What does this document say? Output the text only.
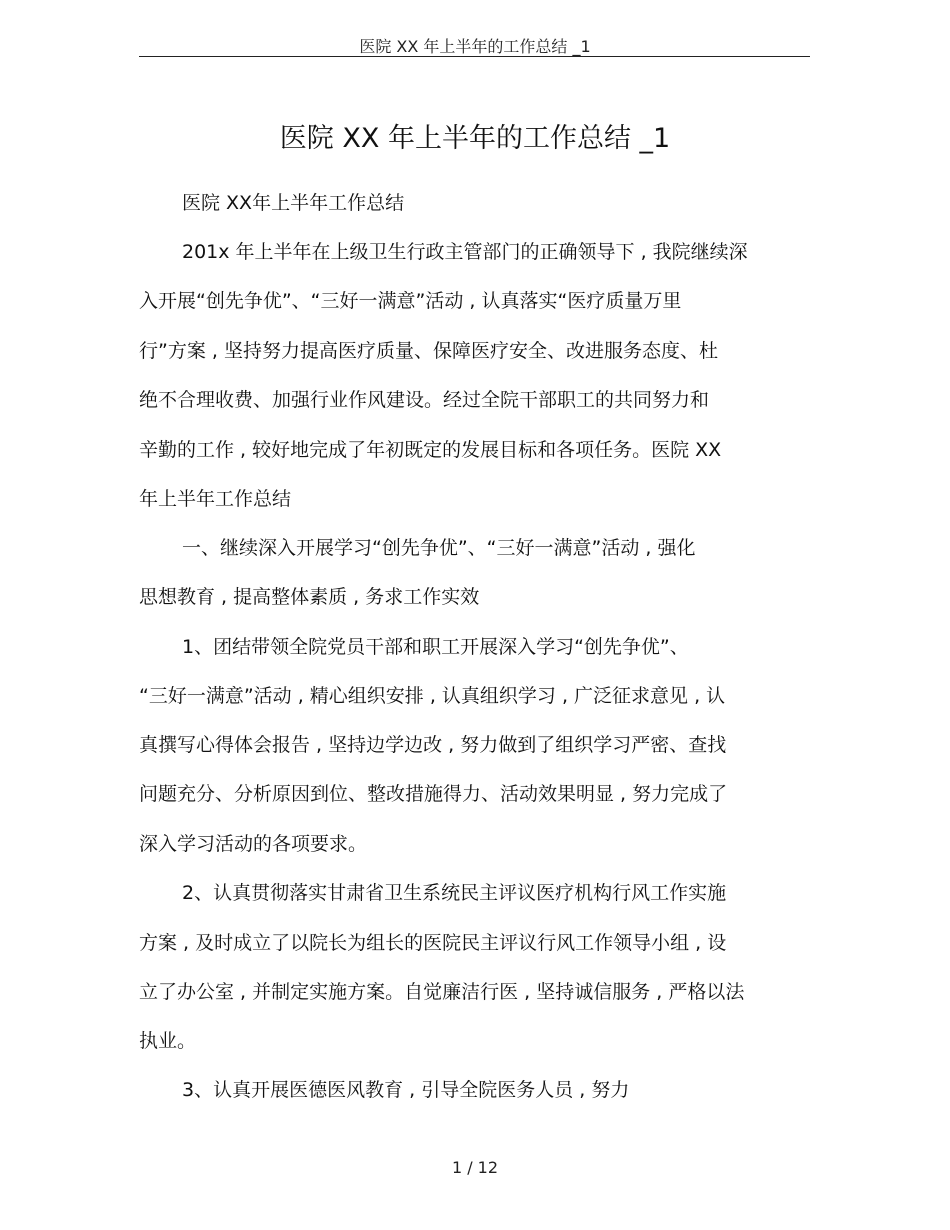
医院 XX 年上半年的工作总结 _1
医院 XX 年上半年的工作总结 _1
医院 XX年上半年工作总结
201x 年上半年在上级卫生行政主管部门的正确领导下 , 我院继续深
入开展“创先争优”、“三好一满意”活动 , 认真落实“医疗质量万里
行”方案 , 坚持努力提高医疗质量、保障医疗安全、改进服务态度、杜
绝不合理收费、加强行业作风建设。经过全院干部职工的共同努力和
辛勤的工作 , 较好地完成了年初既定的发展目标和各项任务。医院 XX
年上半年工作总结
一、继续深入开展学习“创先争优”、“三好一满意”活动 , 强化
思想教育 , 提高整体素质 , 务求工作实效
1、团结带领全院党员干部和职工开展深入学习“创先争优”、
“三好一满意”活动 , 精心组织安排 , 认真组织学习 , 广泛征求意见 , 认
真撰写心得体会报告 , 坚持边学边改 , 努力做到了组织学习严密、查找
问题充分、分析原因到位、整改措施得力、活动效果明显 , 努力完成了
深入学习活动的各项要求。
2、认真贯彻落实甘肃省卫生系统民主评议医疗机构行风工作实施
方案 , 及时成立了以院长为组长的医院民主评议行风工作领导小组 , 设
立了办公室 , 并制定实施方案。自觉廉洁行医 , 坚持诚信服务 , 严格以法
执业。
3、认真开展医德医风教育 , 引导全院医务人员 , 努力
1 / 12
